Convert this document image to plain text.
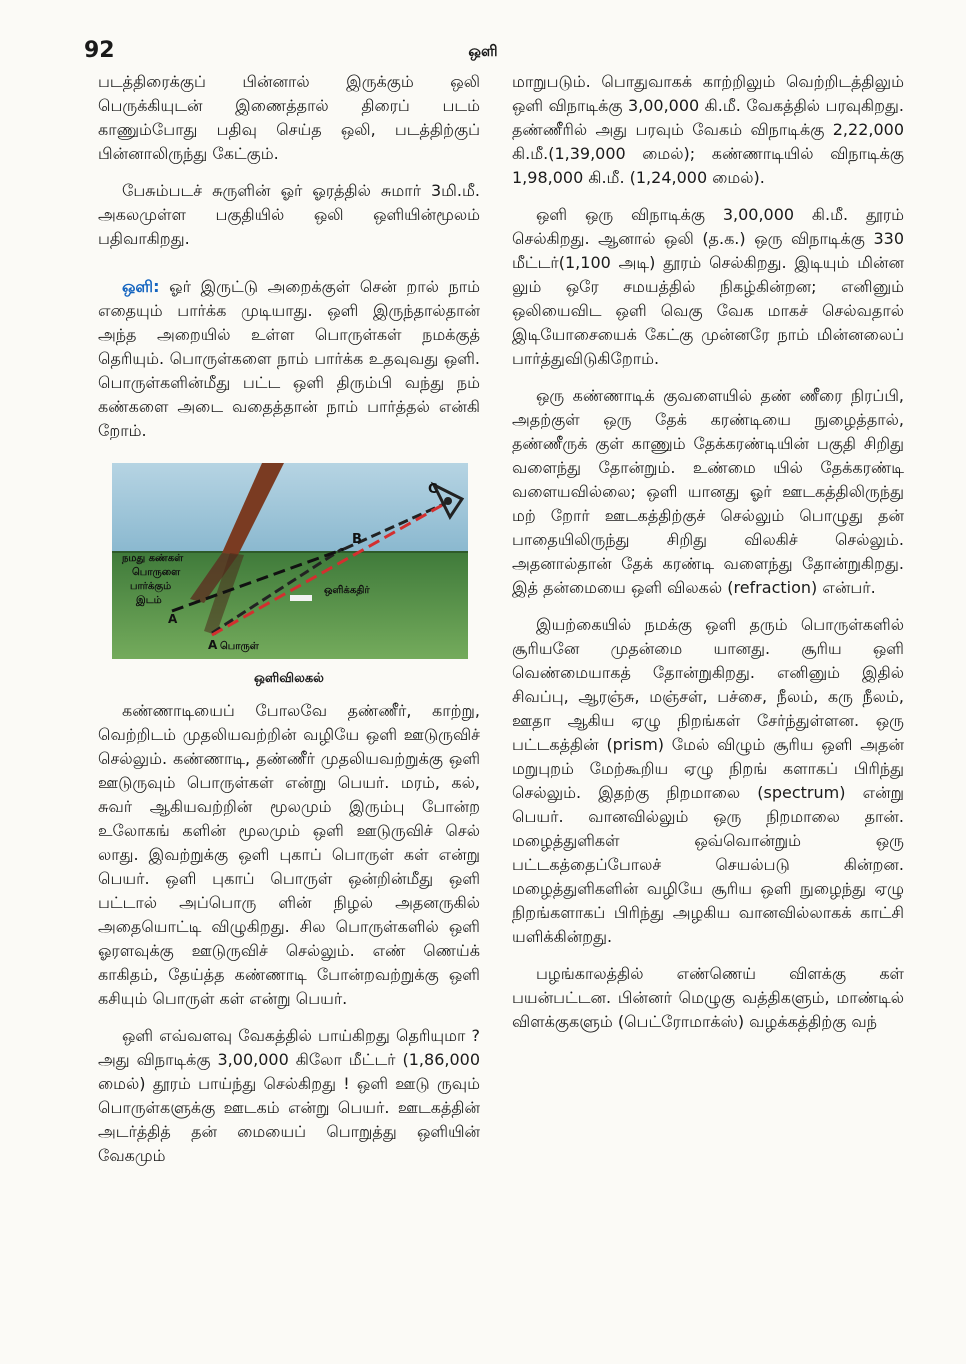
92	ஒளி

படத்திரைக்குப் பின்னால் இருக்கும் ஒலி பெருக்கியுடன் இணைத்தால் திரைப் படம் காணும்போது பதிவு செய்த ஒலி, படத்திற்குப் பின்னாலிருந்து கேட்கும்.

பேசும்படச் சுருளின் ஓர் ஓரத்தில் சுமார் 3மி.மீ. அகலமுள்ள பகுதியில் ஒலி ஒளியின்மூலம் பதிவாகிறது.

ஒளி: ஓர் இருட்டு அறைக்குள் சென் றால் நாம் எதையும் பார்க்க முடியாது. ஒளி இருந்தால்தான் அந்த அறையில் உள்ள பொருள்கள் நமக்குத் தெரியும். பொருள்களை நாம் பார்க்க உதவுவது ஒளி. பொருள்களின்மீது பட்ட ஒளி திரும்பி வந்து நம் கண்களை அடை வதைத்தான் நாம் பார்த்தல் என்கி றோம்.

C
B
A
A
நமது கண்கள்
பொருளை
பார்க்கும்
இடம்
ஒளிக்கதிர்
பொருள்
ஒளிவிலகல்

கண்ணாடியைப் போலவே தண்ணீர், காற்று, வெற்றிடம் முதலியவற்றின் வழியே ஒளி ஊடுருவிச் செல்லும். கண்ணாடி, தண்ணீர் முதலியவற்றுக்கு ஒளி ஊடுருவும் பொருள்கள் என்று பெயர். மரம், கல், சுவர் ஆகியவற்றின் மூலமும் இரும்பு போன்ற உலோகங் களின் மூலமும் ஒளி ஊடுருவிச் செல் லாது. இவற்றுக்கு ஒளி புகாப் பொருள் கள் என்று பெயர். ஒளி புகாப் பொருள் ஒன்றின்மீது ஒளி பட்டால் அப்பொரு ளின் நிழல் அதனருகில் அதையொட்டி விழுகிறது. சில பொருள்களில் ஒளி ஓரளவுக்கு ஊடுருவிச் செல்லும். எண் ணெய்க் காகிதம், தேய்த்த கண்ணாடி போன்றவற்றுக்கு ஒளி கசியும் பொருள் கள் என்று பெயர்.

ஒளி எவ்வளவு வேகத்தில் பாய்கிறது தெரியுமா ? அது விநாடிக்கு 3,00,000 கிலோ மீட்டர் (1,86,000 மைல்) தூரம் பாய்ந்து செல்கிறது ! ஒளி ஊடு ருவும் பொருள்களுக்கு ஊடகம் என்று பெயர். ஊடகத்தின் அடர்த்தித் தன் மையைப் பொறுத்து ஒளியின் வேகமும்

மாறுபடும். பொதுவாகக் காற்றிலும் வெற்றிடத்திலும் ஒளி விநாடிக்கு 3,00,000 கி.மீ. வேகத்தில் பரவுகிறது. தண்ணீரில் அது பரவும் வேகம் விநாடிக்கு 2,22,000 கி.மீ.(1,39,000 மைல்); கண்ணாடியில் விநாடிக்கு 1,98,000 கி.மீ. (1,24,000 மைல்).

ஒளி ஒரு விநாடிக்கு 3,00,000 கி.மீ. தூரம் செல்கிறது. ஆனால் ஒலி (த.க.) ஒரு விநாடிக்கு 330 மீட்டர்(1,100 அடி) தூரம் செல்கிறது. இடியும் மின்ன லும் ஒரே சமயத்தில் நிகழ்கின்றன; எனினும் ஒலியைவிட ஒளி வெகு வேக மாகச் செல்வதால் இடியோசையைக் கேட்கு முன்னரே நாம் மின்னலைப் பார்த்துவிடுகிறோம்.

ஒரு கண்ணாடிக் குவளையில் தண் ணீரை நிரப்பி, அதற்குள் ஒரு தேக் கரண்டியை நுழைத்தால், தண்ணீருக் குள் காணும் தேக்கரண்டியின் பகுதி சிறிது வளைந்து தோன்றும். உண்மை யில் தேக்கரண்டி வளையவில்லை; ஒளி யானது ஓர் ஊடகத்திலிருந்து மற் றோர் ஊடகத்திற்குச் செல்லும் பொழுது தன் பாதையிலிருந்து சிறிது விலகிச் செல்லும். அதனால்தான் தேக் கரண்டி வளைந்து தோன்றுகிறது. இத் தன்மையை ஒளி விலகல் (refraction) என்பர்.

இயற்கையில் நமக்கு ஒளி தரும் பொருள்களில் சூரியனே முதன்மை யானது. சூரிய ஒளி வெண்மையாகத் தோன்றுகிறது. எனினும் இதில் சிவப்பு, ஆரஞ்சு, மஞ்சள், பச்சை, நீலம், கரு நீலம், ஊதா ஆகிய ஏழு நிறங்கள் சேர்ந்துள்ளன. ஒரு பட்டகத்தின் (prism) மேல் விழும் சூரிய ஒளி அதன் மறுபுறம் மேற்கூறிய ஏழு நிறங் களாகப் பிரிந்து செல்லும். இதற்கு நிறமாலை (spectrum) என்று பெயர். வானவில்லும் ஒரு நிறமாலை தான். மழைத்துளிகள் ஒவ்வொன்றும் ஒரு பட்டகத்தைப்போலச் செயல்படு கின்றன. மழைத்துளிகளின் வழியே சூரிய ஒளி நுழைந்து ஏழு நிறங்களாகப் பிரிந்து அழகிய வானவில்லாகக் காட்சி யளிக்கின்றது.

பழங்காலத்தில் எண்ணெய் விளக்கு கள் பயன்பட்டன. பின்னர் மெழுகு வத்திகளும், மாண்டில் விளக்குகளும் (பெட்ரோமாக்ஸ்) வழக்கத்திற்கு வந்
